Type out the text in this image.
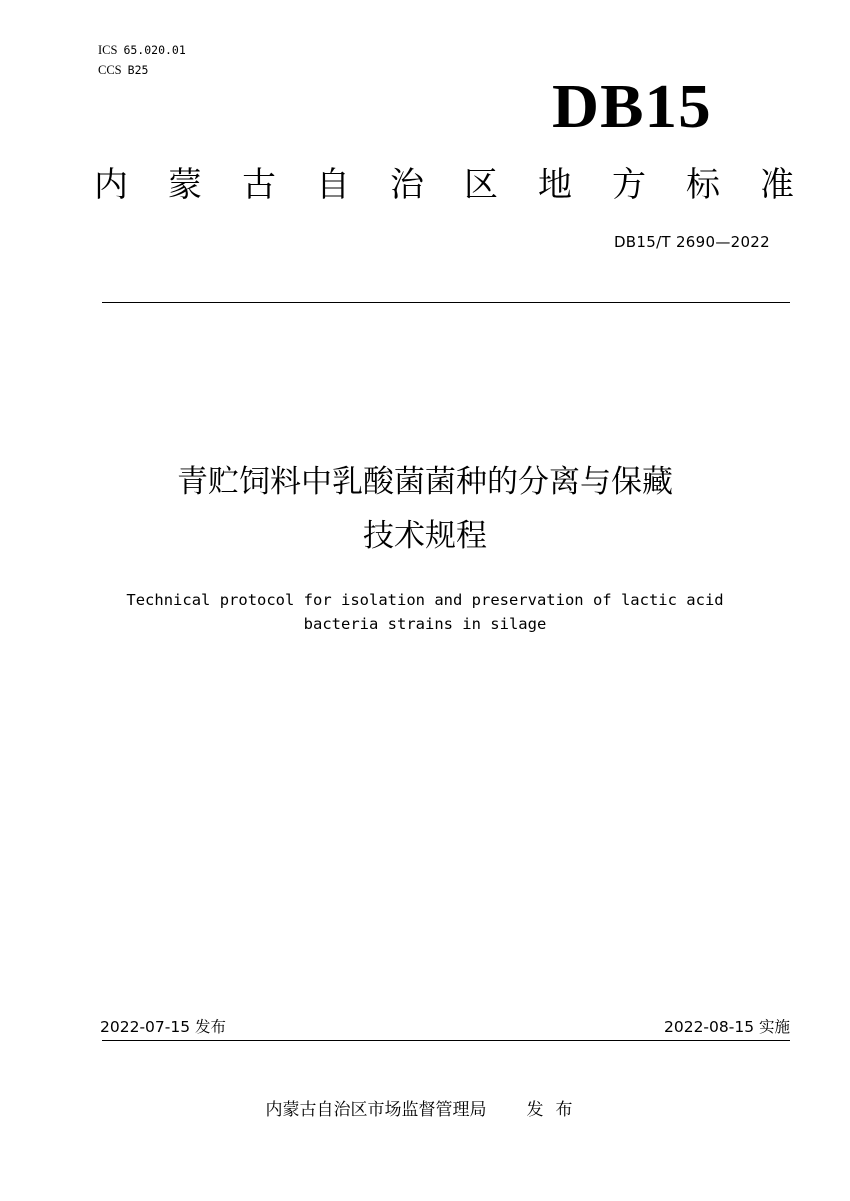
ICS 65.020.01
CCS B25
DB15
内 蒙 古 自 治 区 地 方 标 准
DB15/T 2690—2022
青贮饲料中乳酸菌菌种的分离与保藏
技术规程
Technical protocol for isolation and preservation of lactic acid
bacteria strains in silage
2022-07-15 发布	2022-08-15 实施
内蒙古自治区市场监督管理局 发布
